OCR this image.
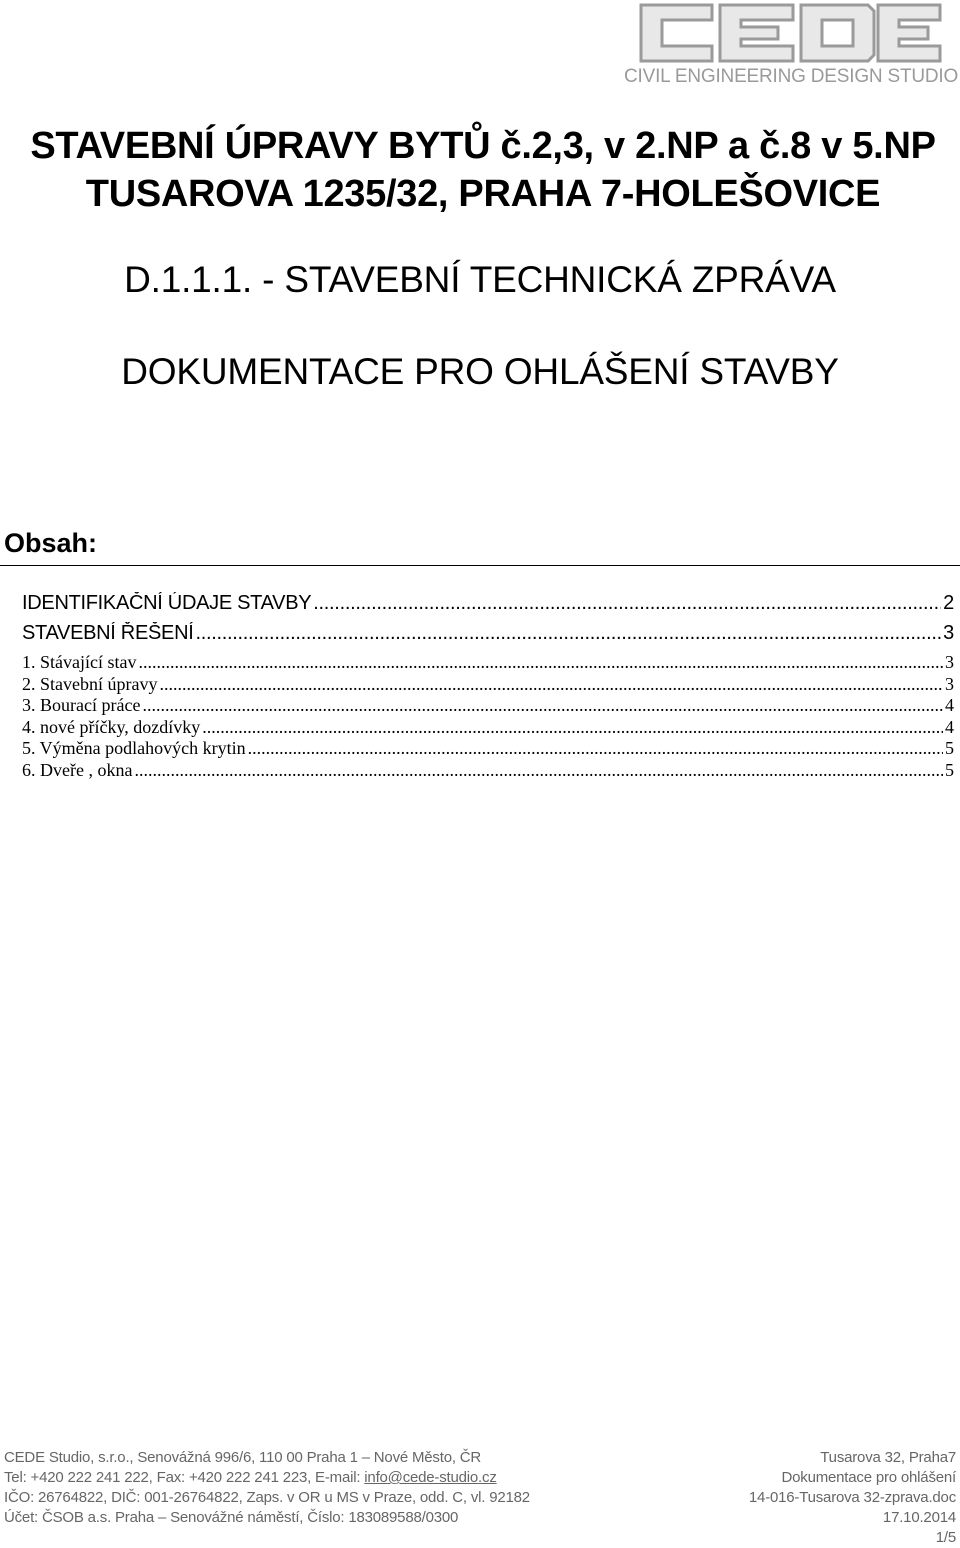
CIVIL ENGINEERING DESIGN STUDIO
STAVEBNÍ ÚPRAVY BYTŮ č.2,3, v 2.NP a č.8 v 5.NP
TUSAROVA 1235/32, PRAHA 7-HOLEŠOVICE
D.1.1.1. - STAVEBNÍ TECHNICKÁ ZPRÁVA
DOKUMENTACE PRO OHLÁŠENÍ STAVBY
Obsah:
IDENTIFIKAČNÍ ÚDAJE STAVBY .....	2
STAVEBNÍ ŘEŠENÍ .....	3
1. Stávající stav .....	3
2. Stavební úpravy .....	3
3. Bourací práce .....	4
4. nové příčky, dozdívky .....	4
5. Výměna podlahových krytin .....	5
6. Dveře , okna .....	5
CEDE Studio, s.r.o., Senovážná 996/6, 110 00 Praha 1 – Nové Město, ČR
Tel: +420 222 241 222, Fax: +420 222 241 223, E-mail: info@cede-studio.cz
IČO: 26764822, DIČ: 001-26764822, Zaps. v OR u MS v Praze, odd. C, vl. 92182
Účet: ČSOB a.s. Praha – Senovážné náměstí, Číslo: 183089588/0300
Tusarova 32, Praha7
Dokumentace pro ohlášení
14-016-Tusarova 32-zprava.doc
17.10.2014
1/5
